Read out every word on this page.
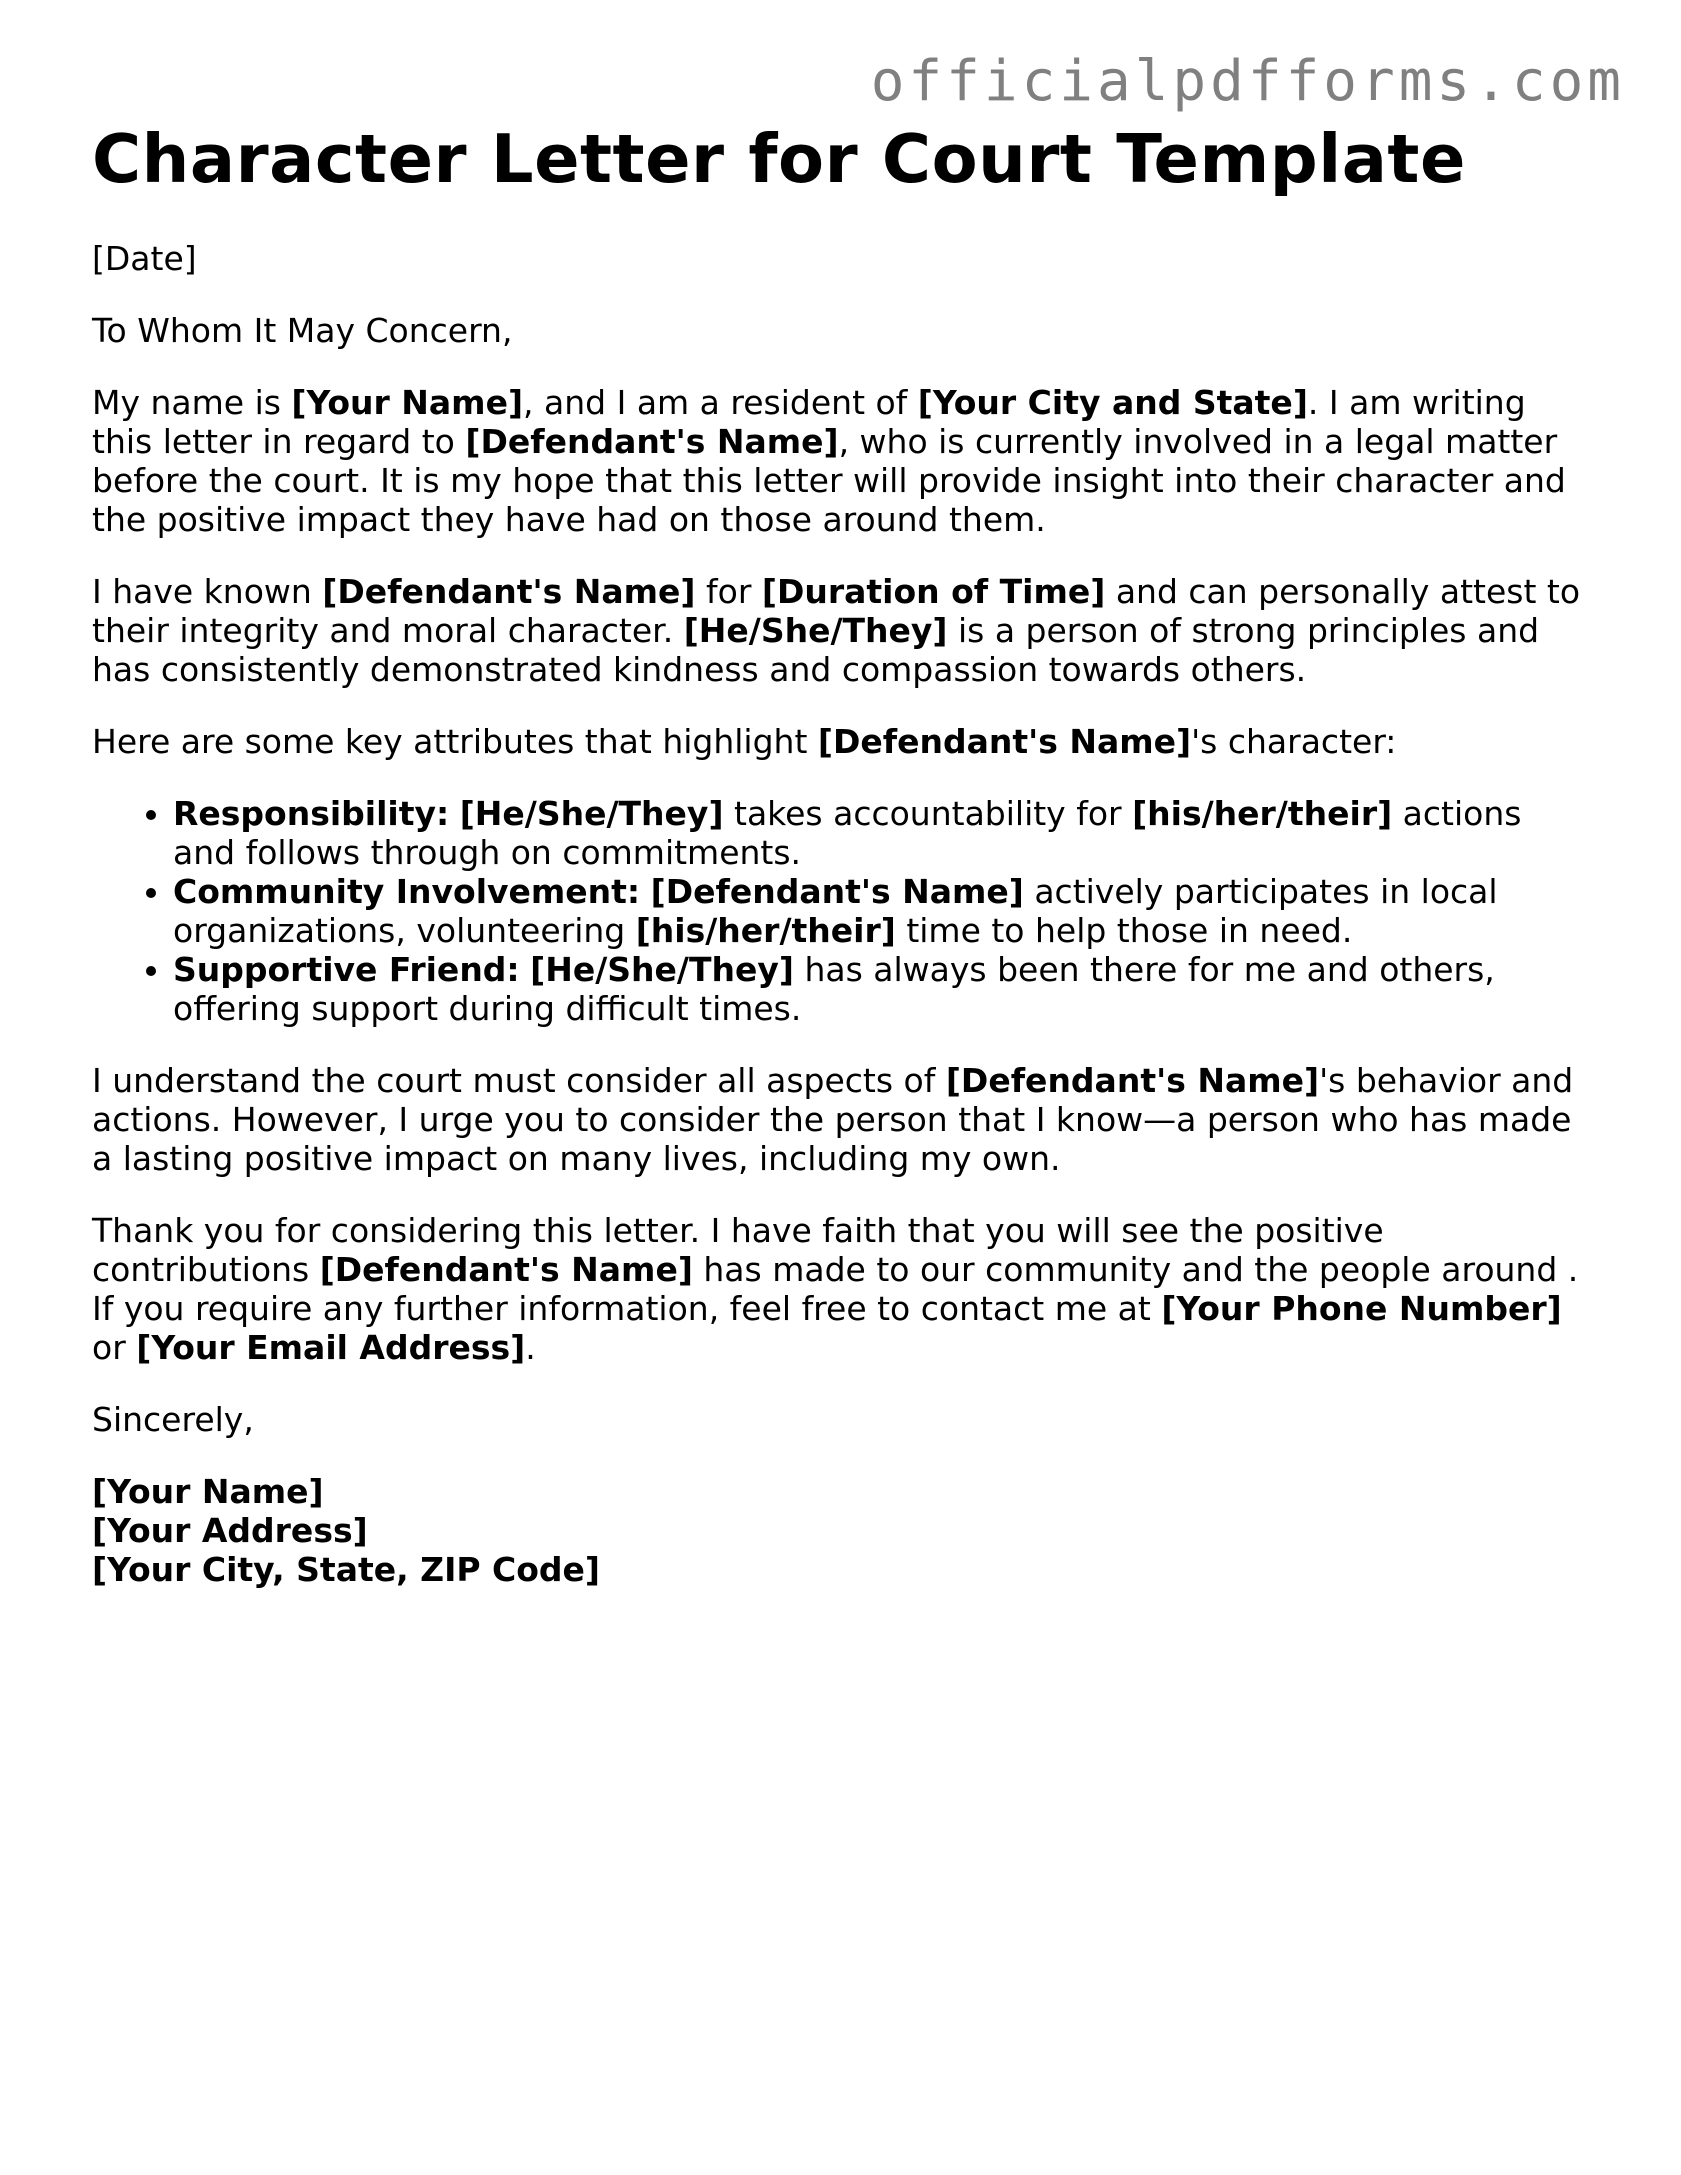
officialpdfforms.com
Character Letter for Court Template

[Date]

To Whom It May Concern,

My name is [Your Name], and I am a resident of [Your City and State]. I am writing this letter in regard to [Defendant's Name], who is currently involved in a legal matter before the court. It is my hope that this letter will provide insight into their character and the positive impact they have had on those around them.

I have known [Defendant's Name] for [Duration of Time] and can personally attest to their integrity and moral character. [He/She/They] is a person of strong principles and has consistently demonstrated kindness and compassion towards others.

Here are some key attributes that highlight [Defendant's Name]'s character:

• Responsibility: [He/She/They] takes accountability for [his/her/their] actions and follows through on commitments.
• Community Involvement: [Defendant's Name] actively participates in local organizations, volunteering [his/her/their] time to help those in need.
• Supportive Friend: [He/She/They] has always been there for me and others, offering support during difficult times.

I understand the court must consider all aspects of [Defendant's Name]'s behavior and actions. However, I urge you to consider the person that I know—a person who has made a lasting positive impact on many lives, including my own.

Thank you for considering this letter. I have faith that you will see the positive contributions [Defendant's Name] has made to our community and the people around . If you require any further information, feel free to contact me at [Your Phone Number] or [Your Email Address].

Sincerely,

[Your Name]
[Your Address]
[Your City, State, ZIP Code]
